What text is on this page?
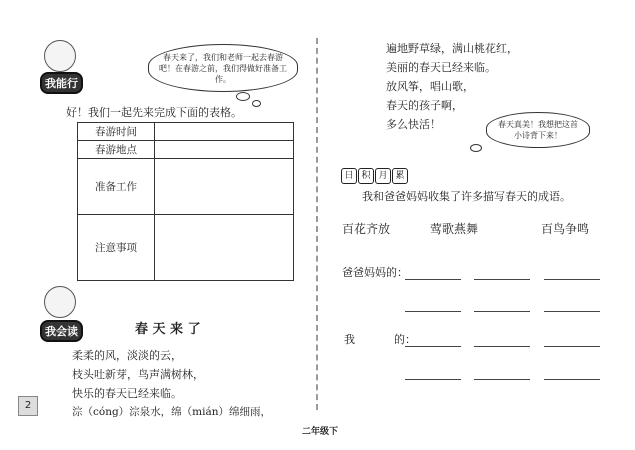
我能行
春天来了，我们和老师一起去春游吧！在春游之前，我们得做好准备工作。
好！我们一起先来完成下面的表格。
春游时间	
春游地点	
准备工作	
注意事项	
我会读	春 天 来 了
柔柔的风，淡淡的云，
枝头吐新芽，鸟声满树林，
快乐的春天已经来临。
淙（cóng）淙泉水，绵（mián）绵细雨，
2
遍地野草绿，满山桃花红，
美丽的春天已经来临。
放风筝，唱山歌，
春天的孩子啊，
多么快活！	春天真美！我想把这首小诗背下来！
日 积 月 累
我和爸爸妈妈收集了许多描写春天的成语。
百花齐放	莺歌燕舞	百鸟争鸣
爸爸妈妈的：
我	的：
二年级下
